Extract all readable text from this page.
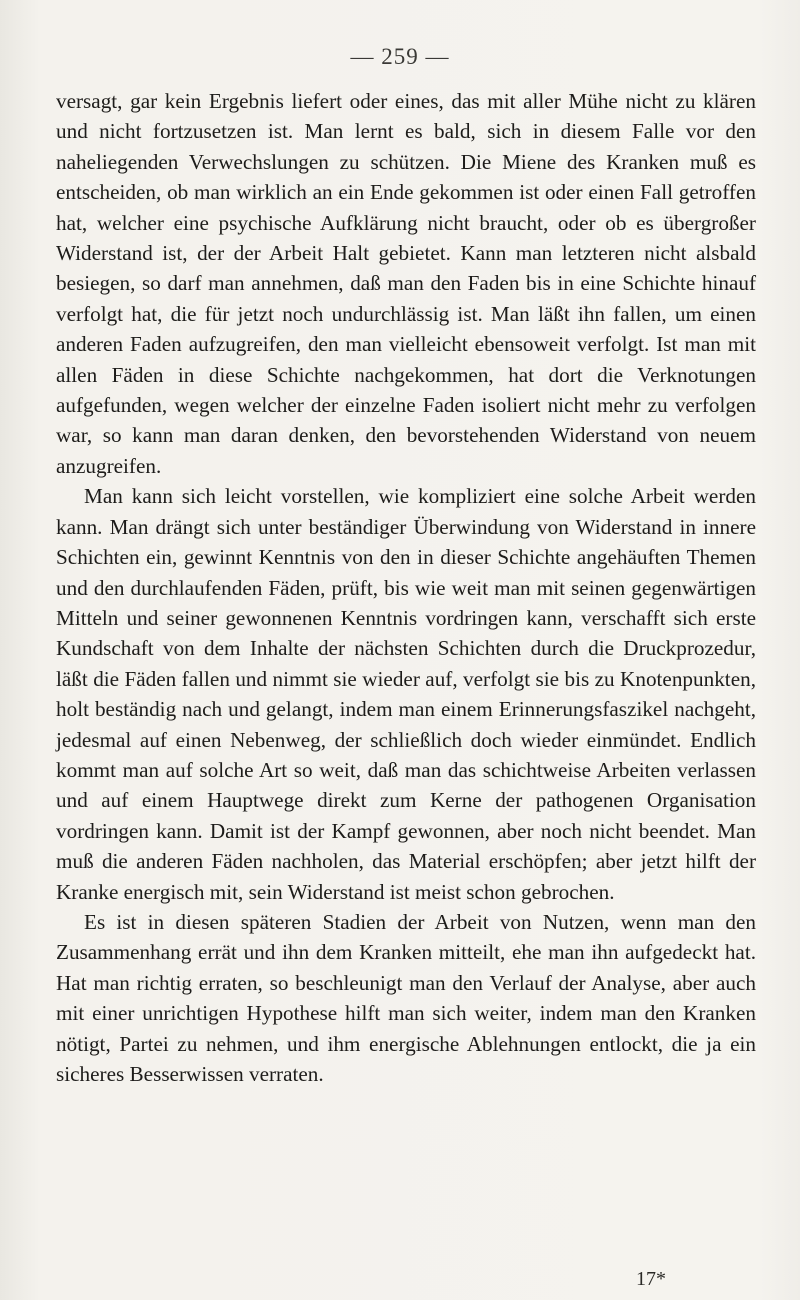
— 259 —

versagt, gar kein Ergebnis liefert oder eines, das mit aller Mühe nicht zu klären und nicht fortzusetzen ist. Man lernt es bald, sich in diesem Falle vor den naheliegenden Verwechslungen zu schützen. Die Miene des Kranken muß es entscheiden, ob man wirklich an ein Ende gekommen ist oder einen Fall getroffen hat, welcher eine psychische Aufklärung nicht braucht, oder ob es übergroßer Widerstand ist, der der Arbeit Halt gebietet. Kann man letzteren nicht alsbald besiegen, so darf man annehmen, daß man den Faden bis in eine Schichte hinauf verfolgt hat, die für jetzt noch undurchlässig ist. Man läßt ihn fallen, um einen anderen Faden aufzugreifen, den man vielleicht ebensoweit verfolgt. Ist man mit allen Fäden in diese Schichte nachgekommen, hat dort die Verknotungen aufgefunden, wegen welcher der einzelne Faden isoliert nicht mehr zu verfolgen war, so kann man daran denken, den bevorstehenden Widerstand von neuem anzugreifen.

Man kann sich leicht vorstellen, wie kompliziert eine solche Arbeit werden kann. Man drängt sich unter beständiger Überwindung von Widerstand in innere Schichten ein, gewinnt Kenntnis von den in dieser Schichte angehäuften Themen und den durchlaufenden Fäden, prüft, bis wie weit man mit seinen gegenwärtigen Mitteln und seiner gewonnenen Kenntnis vordringen kann, verschafft sich erste Kundschaft von dem Inhalte der nächsten Schichten durch die Druckprozedur, läßt die Fäden fallen und nimmt sie wieder auf, verfolgt sie bis zu Knotenpunkten, holt beständig nach und gelangt, indem man einem Erinnerungsfaszikel nachgeht, jedesmal auf einen Nebenweg, der schließlich doch wieder einmündet. Endlich kommt man auf solche Art so weit, daß man das schichtweise Arbeiten verlassen und auf einem Hauptwege direkt zum Kerne der pathogenen Organisation vordringen kann. Damit ist der Kampf gewonnen, aber noch nicht beendet. Man muß die anderen Fäden nachholen, das Material erschöpfen; aber jetzt hilft der Kranke energisch mit, sein Widerstand ist meist schon gebrochen.

Es ist in diesen späteren Stadien der Arbeit von Nutzen, wenn man den Zusammenhang errät und ihn dem Kranken mitteilt, ehe man ihn aufgedeckt hat. Hat man richtig erraten, so beschleunigt man den Verlauf der Analyse, aber auch mit einer unrichtigen Hypothese hilft man sich weiter, indem man den Kranken nötigt, Partei zu nehmen, und ihm energische Ablehnungen entlockt, die ja ein sicheres Besserwissen verraten.

17*
